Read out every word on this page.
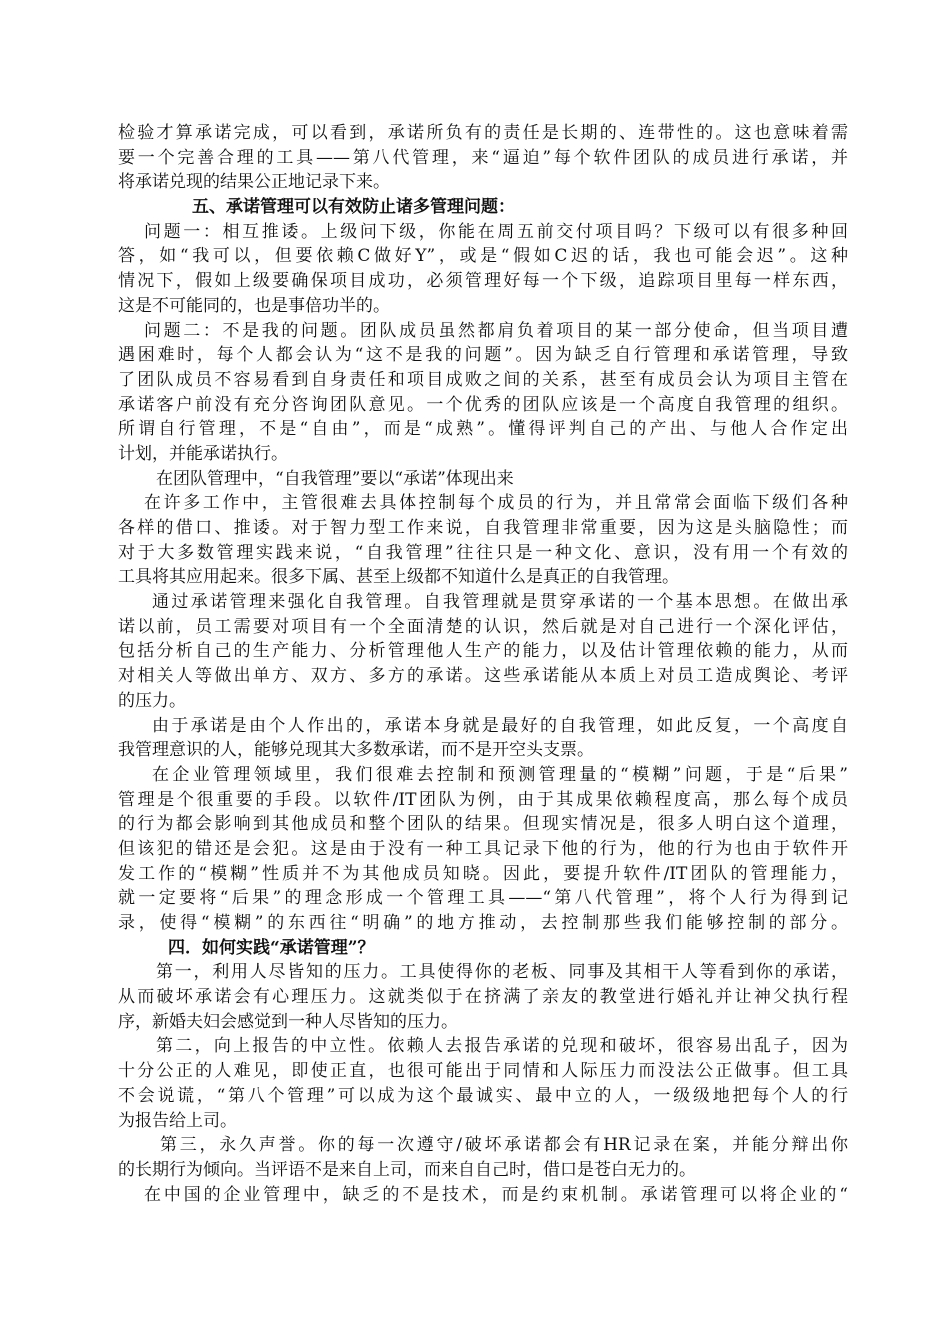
检验才算承诺完成，可以看到，承诺所负有的责任是长期的、连带性的。这也意味着需
要一个完善合理的工具——第八代管理，来“逼迫”每个软件团队的成员进行承诺，并
将承诺兑现的结果公正地记录下来。
五、承诺管理可以有效防止诸多管理问题：
问题一：相互推诿。上级问下级，你能在周五前交付项目吗？下级可以有很多种回
答，如“我可以，但要依赖C做好Y”，或是“假如C迟的话，我也可能会迟”。这种
情况下，假如上级要确保项目成功，必须管理好每一个下级，追踪项目里每一样东西，
这是不可能同的，也是事倍功半的。
问题二：不是我的问题。团队成员虽然都肩负着项目的某一部分使命，但当项目遭
遇困难时，每个人都会认为“这不是我的问题”。因为缺乏自行管理和承诺管理，导致
了团队成员不容易看到自身责任和项目成败之间的关系，甚至有成员会认为项目主管在
承诺客户前没有充分咨询团队意见。一个优秀的团队应该是一个高度自我管理的组织。
所谓自行管理，不是“自由”，而是“成熟”。懂得评判自己的产出、与他人合作定出
计划，并能承诺执行。
在团队管理中，“自我管理”要以“承诺”体现出来
在许多工作中，主管很难去具体控制每个成员的行为，并且常常会面临下级们各种
各样的借口、推诿。对于智力型工作来说，自我管理非常重要，因为这是头脑隐性；而
对于大多数管理实践来说，“自我管理”往往只是一种文化、意识，没有用一个有效的
工具将其应用起来。很多下属、甚至上级都不知道什么是真正的自我管理。
通过承诺管理来强化自我管理。自我管理就是贯穿承诺的一个基本思想。在做出承
诺以前，员工需要对项目有一个全面清楚的认识，然后就是对自己进行一个深化评估，
包括分析自己的生产能力、分析管理他人生产的能力，以及估计管理依赖的能力，从而
对相关人等做出单方、双方、多方的承诺。这些承诺能从本质上对员工造成舆论、考评
的压力。
由于承诺是由个人作出的，承诺本身就是最好的自我管理，如此反复，一个高度自
我管理意识的人，能够兑现其大多数承诺，而不是开空头支票。
在企业管理领域里，我们很难去控制和预测管理量的“模糊”问题，于是“后果”
管理是个很重要的手段。以软件/IT团队为例，由于其成果依赖程度高，那么每个成员
的行为都会影响到其他成员和整个团队的结果。但现实情况是，很多人明白这个道理，
但该犯的错还是会犯。这是由于没有一种工具记录下他的行为，他的行为也由于软件开
发工作的“模糊”性质并不为其他成员知晓。因此，要提升软件/IT团队的管理能力，
就一定要将“后果”的理念形成一个管理工具——“第八代管理”，将个人行为得到记
录，使得“模糊”的东西往“明确”的地方推动，去控制那些我们能够控制的部分。
四．如何实践“承诺管理”？
第一，利用人尽皆知的压力。工具使得你的老板、同事及其相干人等看到你的承诺，
从而破坏承诺会有心理压力。这就类似于在挤满了亲友的教堂进行婚礼并让神父执行程
序，新婚夫妇会感觉到一种人尽皆知的压力。
第二，向上报告的中立性。依赖人去报告承诺的兑现和破坏，很容易出乱子，因为
十分公正的人难见，即使正直，也很可能出于同情和人际压力而没法公正做事。但工具
不会说谎，“第八个管理”可以成为这个最诚实、最中立的人，一级级地把每个人的行
为报告给上司。
第三，永久声誉。你的每一次遵守/破坏承诺都会有HR记录在案，并能分辩出你
的长期行为倾向。当评语不是来自上司，而来自自己时，借口是苍白无力的。
在中国的企业管理中，缺乏的不是技术，而是约束机制。承诺管理可以将企业的“
